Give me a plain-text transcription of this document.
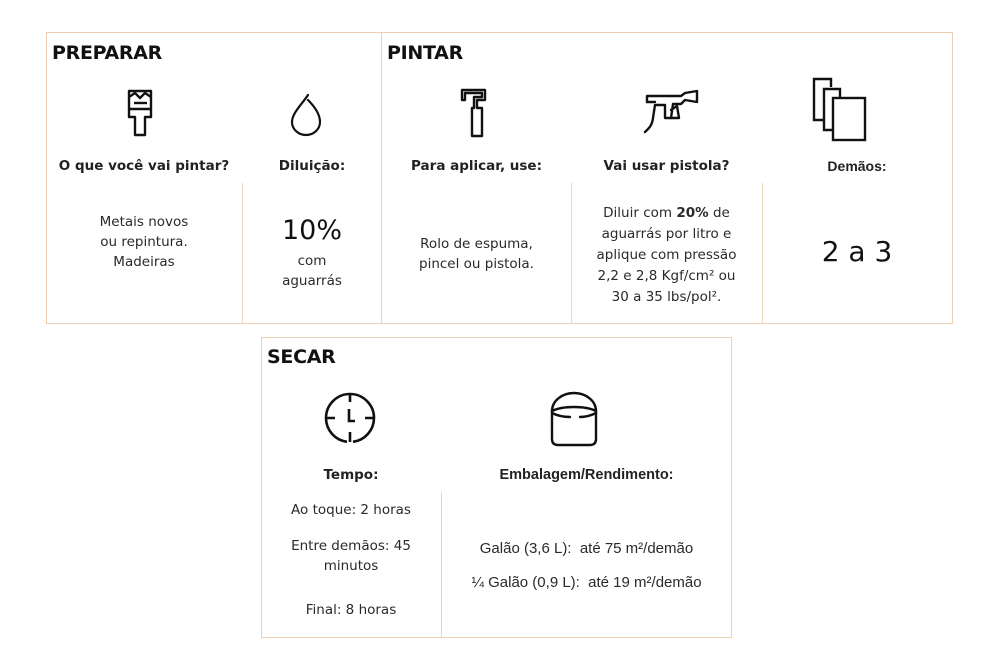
PREPARAR
O que você vai pintar?
Metais novos
ou repintura.
Madeiras
Diluição:
10%
com
aguarrás
PINTAR
Para aplicar, use:
Rolo de espuma,
pincel ou pistola.
Vai usar pistola?
Diluir com 20% de
aguarrás por litro e
aplique com pressão
2,2 e 2,8 Kgf/cm² ou
30 a 35 lbs/pol².
Demãos:
2 a 3
SECAR
Tempo:
Ao toque: 2 horas
Entre demãos: 45
minutos
Final: 8 horas
Embalagem/Rendimento:
Galão (3,6 L):  até 75 m²/demão
¼ Galão (0,9 L):  até 19 m²/demão
